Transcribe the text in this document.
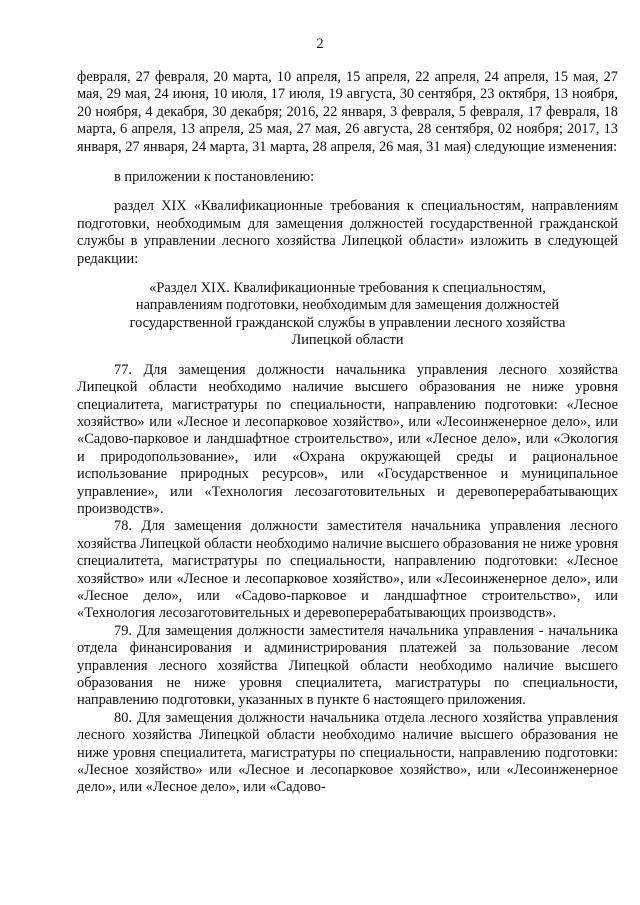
2

февраля, 27 февраля, 20 марта, 10 апреля, 15 апреля, 22 апреля, 24 апреля, 15 мая, 27 мая, 29 мая, 24 июня, 10 июля, 17 июля, 19 августа, 30 сентября, 23 октября, 13 ноября, 20 ноября, 4 декабря, 30 декабря; 2016, 22 января, 3 февраля, 5 февраля, 17 февраля, 18 марта, 6 апреля, 13 апреля, 25 мая, 27 мая, 26 августа, 28 сентября, 02 ноября; 2017, 13 января, 27 января, 24 марта, 31 марта, 28 апреля, 26 мая, 31 мая) следующие изменения:

в приложении к постановлению:

раздел XIX «Квалификационные требования к специальностям, направлениям подготовки, необходимым для замещения должностей государственной гражданской службы в управлении лесного хозяйства Липецкой области» изложить в следующей редакции:

«Раздел XIX. Квалификационные требования к специальностям, направлениям подготовки, необходимым для замещения должностей государственной гражданской службы в управлении лесного хозяйства Липецкой области

77. Для замещения должности начальника управления лесного хозяйства Липецкой области необходимо наличие высшего образования не ниже уровня специалитета, магистратуры по специальности, направлению подготовки: «Лесное хозяйство» или «Лесное и лесопарковое хозяйство», или «Лесоинженерное дело», или «Садово-парковое и ландшафтное строительство», или «Лесное дело», или «Экология и природопользование», или «Охрана окружающей среды и рациональное использование природных ресурсов», или «Государственное и муниципальное управление», или «Технология лесозаготовительных и деревоперерабатывающих производств».

78. Для замещения должности заместителя начальника управления лесного хозяйства Липецкой области необходимо наличие высшего образования не ниже уровня специалитета, магистратуры по специальности, направлению подготовки: «Лесное хозяйство» или «Лесное и лесопарковое хозяйство», или «Лесоинженерное дело», или «Лесное дело», или «Садово-парковое и ландшафтное строительство», или «Технология лесозаготовительных и деревоперерабатывающих производств».

79. Для замещения должности заместителя начальника управления - начальника отдела финансирования и администрирования платежей за пользование лесом управления лесного хозяйства Липецкой области необходимо наличие высшего образования не ниже уровня специалитета, магистратуры по специальности, направлению подготовки, указанных в пункте 6 настоящего приложения.

80. Для замещения должности начальника отдела лесного хозяйства управления лесного хозяйства Липецкой области необходимо наличие высшего образования не ниже уровня специалитета, магистратуры по специальности, направлению подготовки: «Лесное хозяйство» или «Лесное и лесопарковое хозяйство», или «Лесоинженерное дело», или «Лесное дело», или «Садово-
